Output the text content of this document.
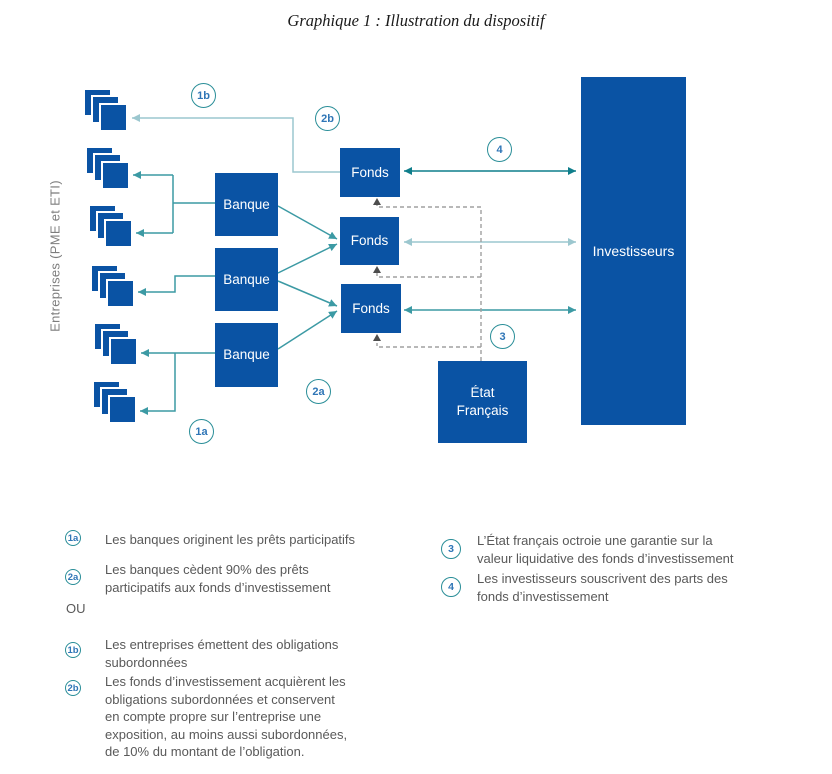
Graphique 1 : Illustration du dispositif
Entreprises (PME et ETI)	Banque
Banque
Banque
Fonds
Fonds
Fonds
État
Français
Investisseurs
1b
2b
4
3
2a
1a
1a Les banques originent les prêts participatifs
2a Les banques cèdent 90% des prêts
participatifs aux fonds d’investissement
OU
1b Les entreprises émettent des obligations
subordonnées
2b Les fonds d’investissement acquièrent les
obligations subordonnées et conservent
en compte propre sur l’entreprise une
exposition, au moins aussi subordonnées,
de 10% du montant de l’obligation.
3
L’État français octroie une garantie sur la
valeur liquidative des fonds d’investissement
4
Les investisseurs souscrivent des parts des
fonds d’investissement
